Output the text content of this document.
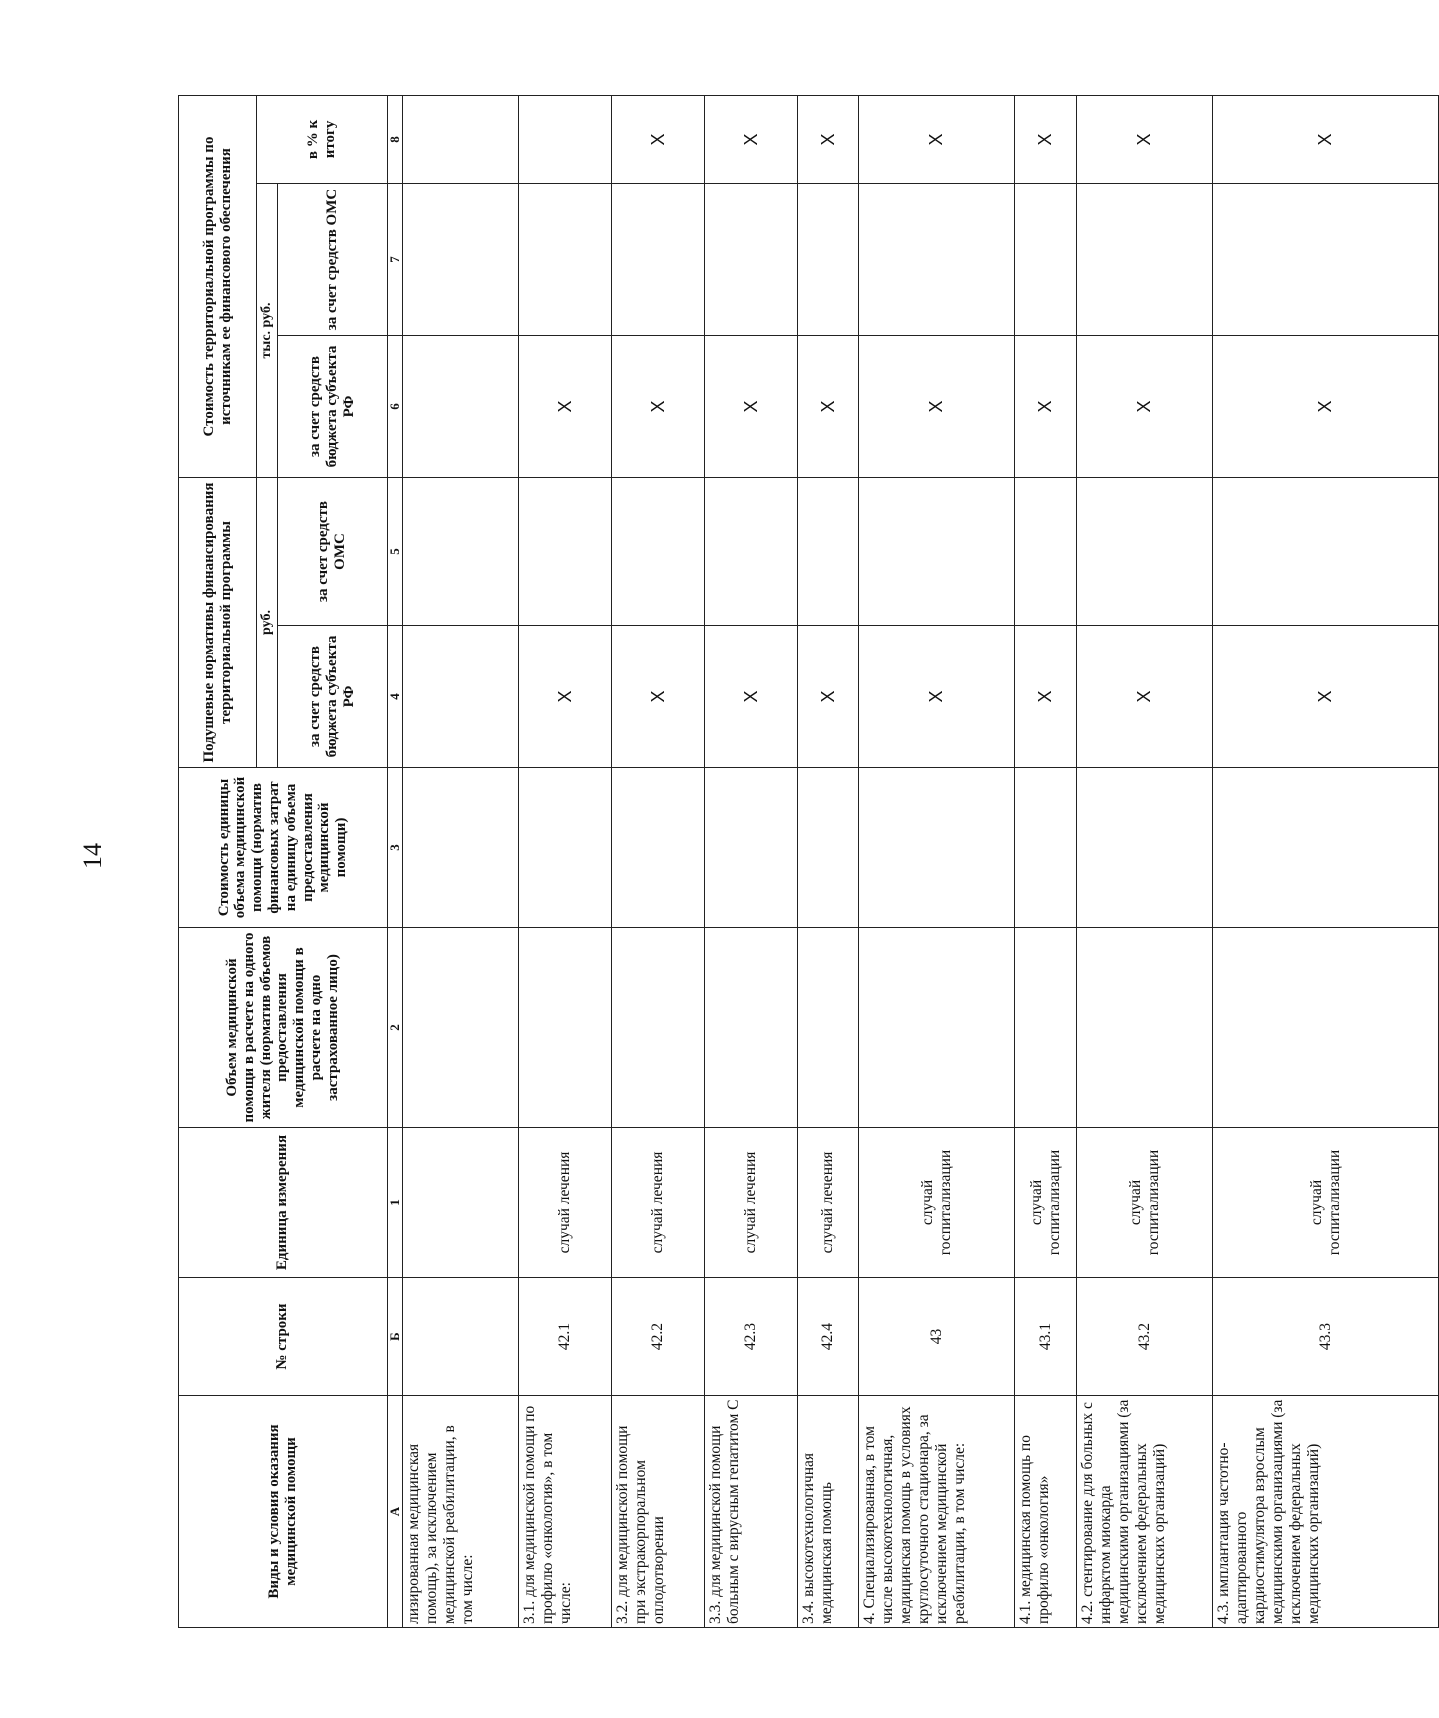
14
Виды и условия оказания медицинской помощи	№ строки	Единица измерения	Объем медицинской помощи в расчете на одного жителя (норматив объемов предоставления медицинской помощи в расчете на одно застрахованное лицо)	Стоимость единицы объема медицинской помощи (норматив финансовых затрат на единицу объема предоставления медицинской помощи)	Подушевые нормативы финансирования территориальной программы		Стоимость территориальной программы по источникам ее финансового обеспечения		
					руб.		тыс. руб.		в % к итогу
					за счет средств бюджета субъекта РФ	за счет средств ОМС	за счет средств бюджета субъекта РФ	за счет средств ОМС	
А	Б	1	2	3	4	5	6	7	8
лизированная медицинская помощь), за исключением медицинской реабилитации, в том числе:									
3.1. для медицинской помощи по профилю «онкология», в том числе:	42.1	случай лечения			X		X		
3.2. для медицинской помощи при экстракорпоральном оплодотворении	42.2	случай лечения			X		X		X
3.3. для медицинской помощи больным с вирусным гепатитом С	42.3	случай лечения			X		X		X
3.4. высокотехнологичная медицинская помощь	42.4	случай лечения			X		X		X
4. Специализированная, в том числе высокотехнологичная, медицинская помощь в условиях круглосуточного стационара, за исключением медицинской реабилитации, в том числе:	43	случай госпитализации			X		X		X
4.1. медицинская помощь по профилю «онкология»	43.1	случай госпитализации			X		X		X
4.2. стентирование для больных с инфарктом миокарда медицинскими организациями (за исключением федеральных медицинских организаций)	43.2	случай госпитализации			X		X		X
4.3. имплантация частотно-адаптированного кардиостимулятора взрослым медицинскими организациями (за исключением федеральных медицинских организаций)	43.3	случай госпитализации			X		X		X
